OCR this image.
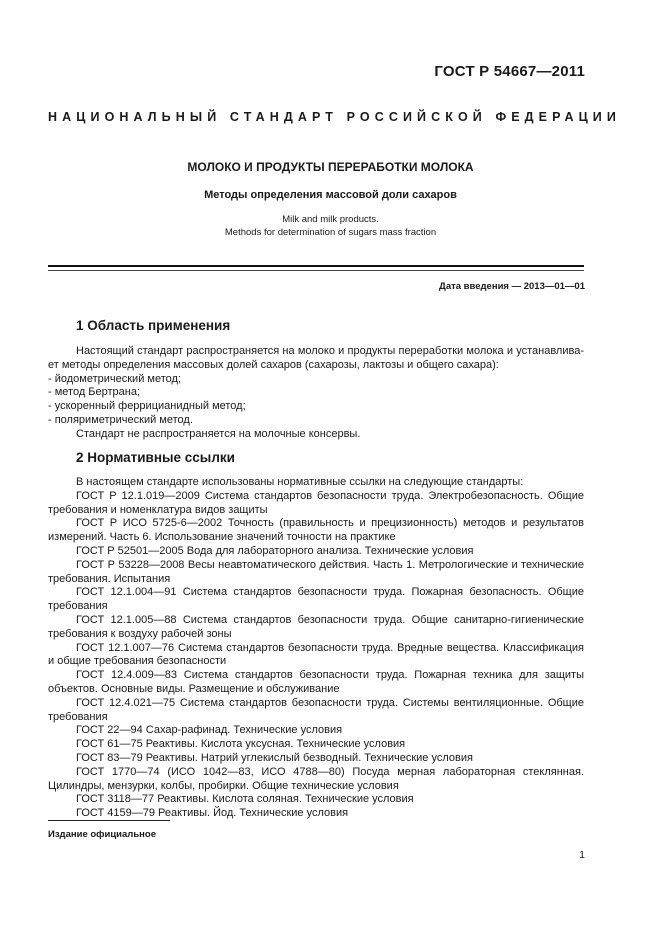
ГОСТ Р 54667—2011
НАЦИОНАЛЬНЫЙ СТАНДАРТ РОССИЙСКОЙ ФЕДЕРАЦИИ
МОЛОКО И ПРОДУКТЫ ПЕРЕРАБОТКИ МОЛОКА
Методы определения массовой доли сахаров
Milk and milk products.
Methods for determination of sugars mass fraction
Дата введения — 2013—01—01
1 Область применения

Настоящий стандарт распространяется на молоко и продукты переработки молока и устанавлива-

ет методы определения массовых долей сахаров (сахарозы, лактозы и общего сахара):

- йодометрический метод;

- метод Бертрана;

- ускоренный феррицианидный метод;

- поляриметрический метод.

Стандарт не распространяется на молочные консервы.

2 Нормативные ссылки

В настоящем стандарте использованы нормативные ссылки на следующие стандарты:

ГОСТ Р 12.1.019—2009 Система стандартов безопасности труда. Электробезопасность. Общие

требования и номенклатура видов защиты

ГОСТ Р ИСО 5725-6—2002 Точность (правильность и прецизионность) методов и результатов

измерений. Часть 6. Использование значений точности на практике

ГОСТ Р 52501—2005 Вода для лабораторного анализа. Технические условия

ГОСТ Р 53228—2008 Весы неавтоматического действия. Часть 1. Метрологические и технические

требования. Испытания

ГОСТ 12.1.004—91 Система стандартов безопасности труда. Пожарная безопасность. Общие

требования

ГОСТ 12.1.005—88 Система стандартов безопасности труда. Общие санитарно-гигиенические

требования к воздуху рабочей зоны

ГОСТ 12.1.007—76 Система стандартов безопасности труда. Вредные вещества. Классификация

и общие требования безопасности

ГОСТ 12.4.009—83 Система стандартов безопасности труда. Пожарная техника для защиты

объектов. Основные виды. Размещение и обслуживание

ГОСТ 12.4.021—75 Система стандартов безопасности труда. Системы вентиляционные. Общие

требования

ГОСТ 22—94 Сахар-рафинад. Технические условия

ГОСТ 61—75 Реактивы. Кислота уксусная. Технические условия

ГОСТ 83—79 Реактивы. Натрий углекислый безводный. Технические условия

ГОСТ 1770—74 (ИСО 1042—83, ИСО 4788—80) Посуда мерная лабораторная стеклянная.

Цилиндры, мензурки, колбы, пробирки. Общие технические условия

ГОСТ 3118—77 Реактивы. Кислота соляная. Технические условия

ГОСТ 4159—79 Реактивы. Йод. Технические условия

Издание официальное
1
